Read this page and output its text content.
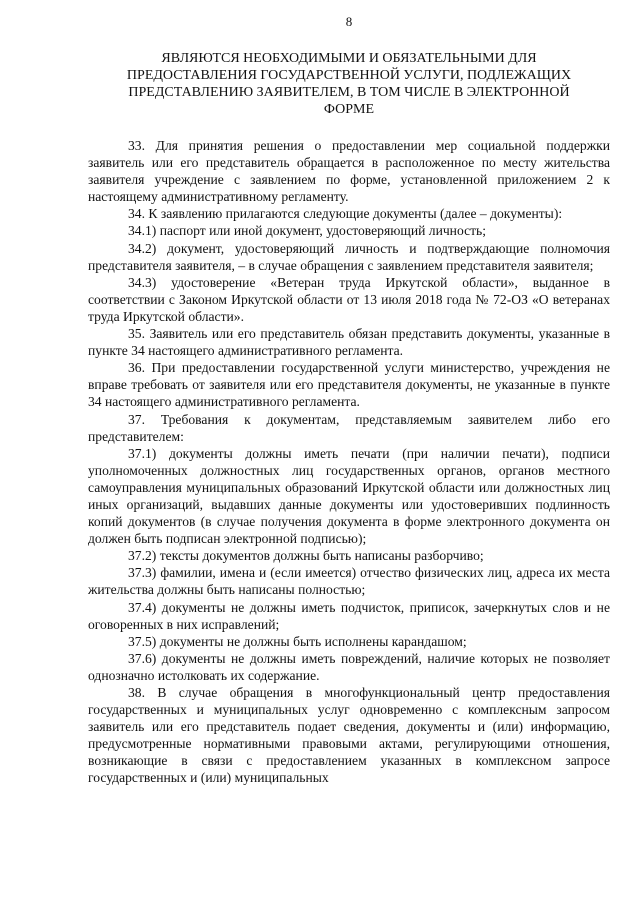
8
ЯВЛЯЮТСЯ НЕОБХОДИМЫМИ И ОБЯЗАТЕЛЬНЫМИ ДЛЯ
ПРЕДОСТАВЛЕНИЯ ГОСУДАРСТВЕННОЙ УСЛУГИ, ПОДЛЕЖАЩИХ
ПРЕДСТАВЛЕНИЮ ЗАЯВИТЕЛЕМ, В ТОМ ЧИСЛЕ В ЭЛЕКТРОННОЙ
ФОРМЕ

33. Для принятия решения о предоставлении мер социальной поддержки заявитель или его представитель обращается в расположенное по месту жительства заявителя учреждение с заявлением по форме, установленной приложением 2 к настоящему административному регламенту.

34. К заявлению прилагаются следующие документы (далее – документы):

34.1) паспорт или иной документ, удостоверяющий личность;

34.2) документ, удостоверяющий личность и подтверждающие полномочия представителя заявителя, – в случае обращения с заявлением представителя заявителя;

34.3) удостоверение «Ветеран труда Иркутской области», выданное в соответствии с Законом Иркутской области от 13 июля 2018 года № 72-ОЗ «О ветеранах труда Иркутской области».

35. Заявитель или его представитель обязан представить документы, указанные в пункте 34 настоящего административного регламента.

36. При предоставлении государственной услуги министерство, учреждения не вправе требовать от заявителя или его представителя документы, не указанные в пункте 34 настоящего административного регламента.

37. Требования к документам, представляемым заявителем либо его представителем:

37.1) документы должны иметь печати (при наличии печати), подписи уполномоченных должностных лиц государственных органов, органов местного самоуправления муниципальных образований Иркутской области или должностных лиц иных организаций, выдавших данные документы или удостоверивших подлинность копий документов (в случае получения документа в форме электронного документа он должен быть подписан электронной подписью);

37.2) тексты документов должны быть написаны разборчиво;

37.3) фамилии, имена и (если имеется) отчество физических лиц, адреса их места жительства должны быть написаны полностью;

37.4) документы не должны иметь подчисток, приписок, зачеркнутых слов и не оговоренных в них исправлений;

37.5) документы не должны быть исполнены карандашом;

37.6) документы не должны иметь повреждений, наличие которых не позволяет однозначно истолковать их содержание.

38. В случае обращения в многофункциональный центр предоставления государственных и муниципальных услуг одновременно с комплексным запросом заявитель или его представитель подает сведения, документы и (или) информацию, предусмотренные нормативными правовыми актами, регулирующими отношения, возникающие в связи с предоставлением указанных в комплексном запросе государственных и (или) муниципальных
